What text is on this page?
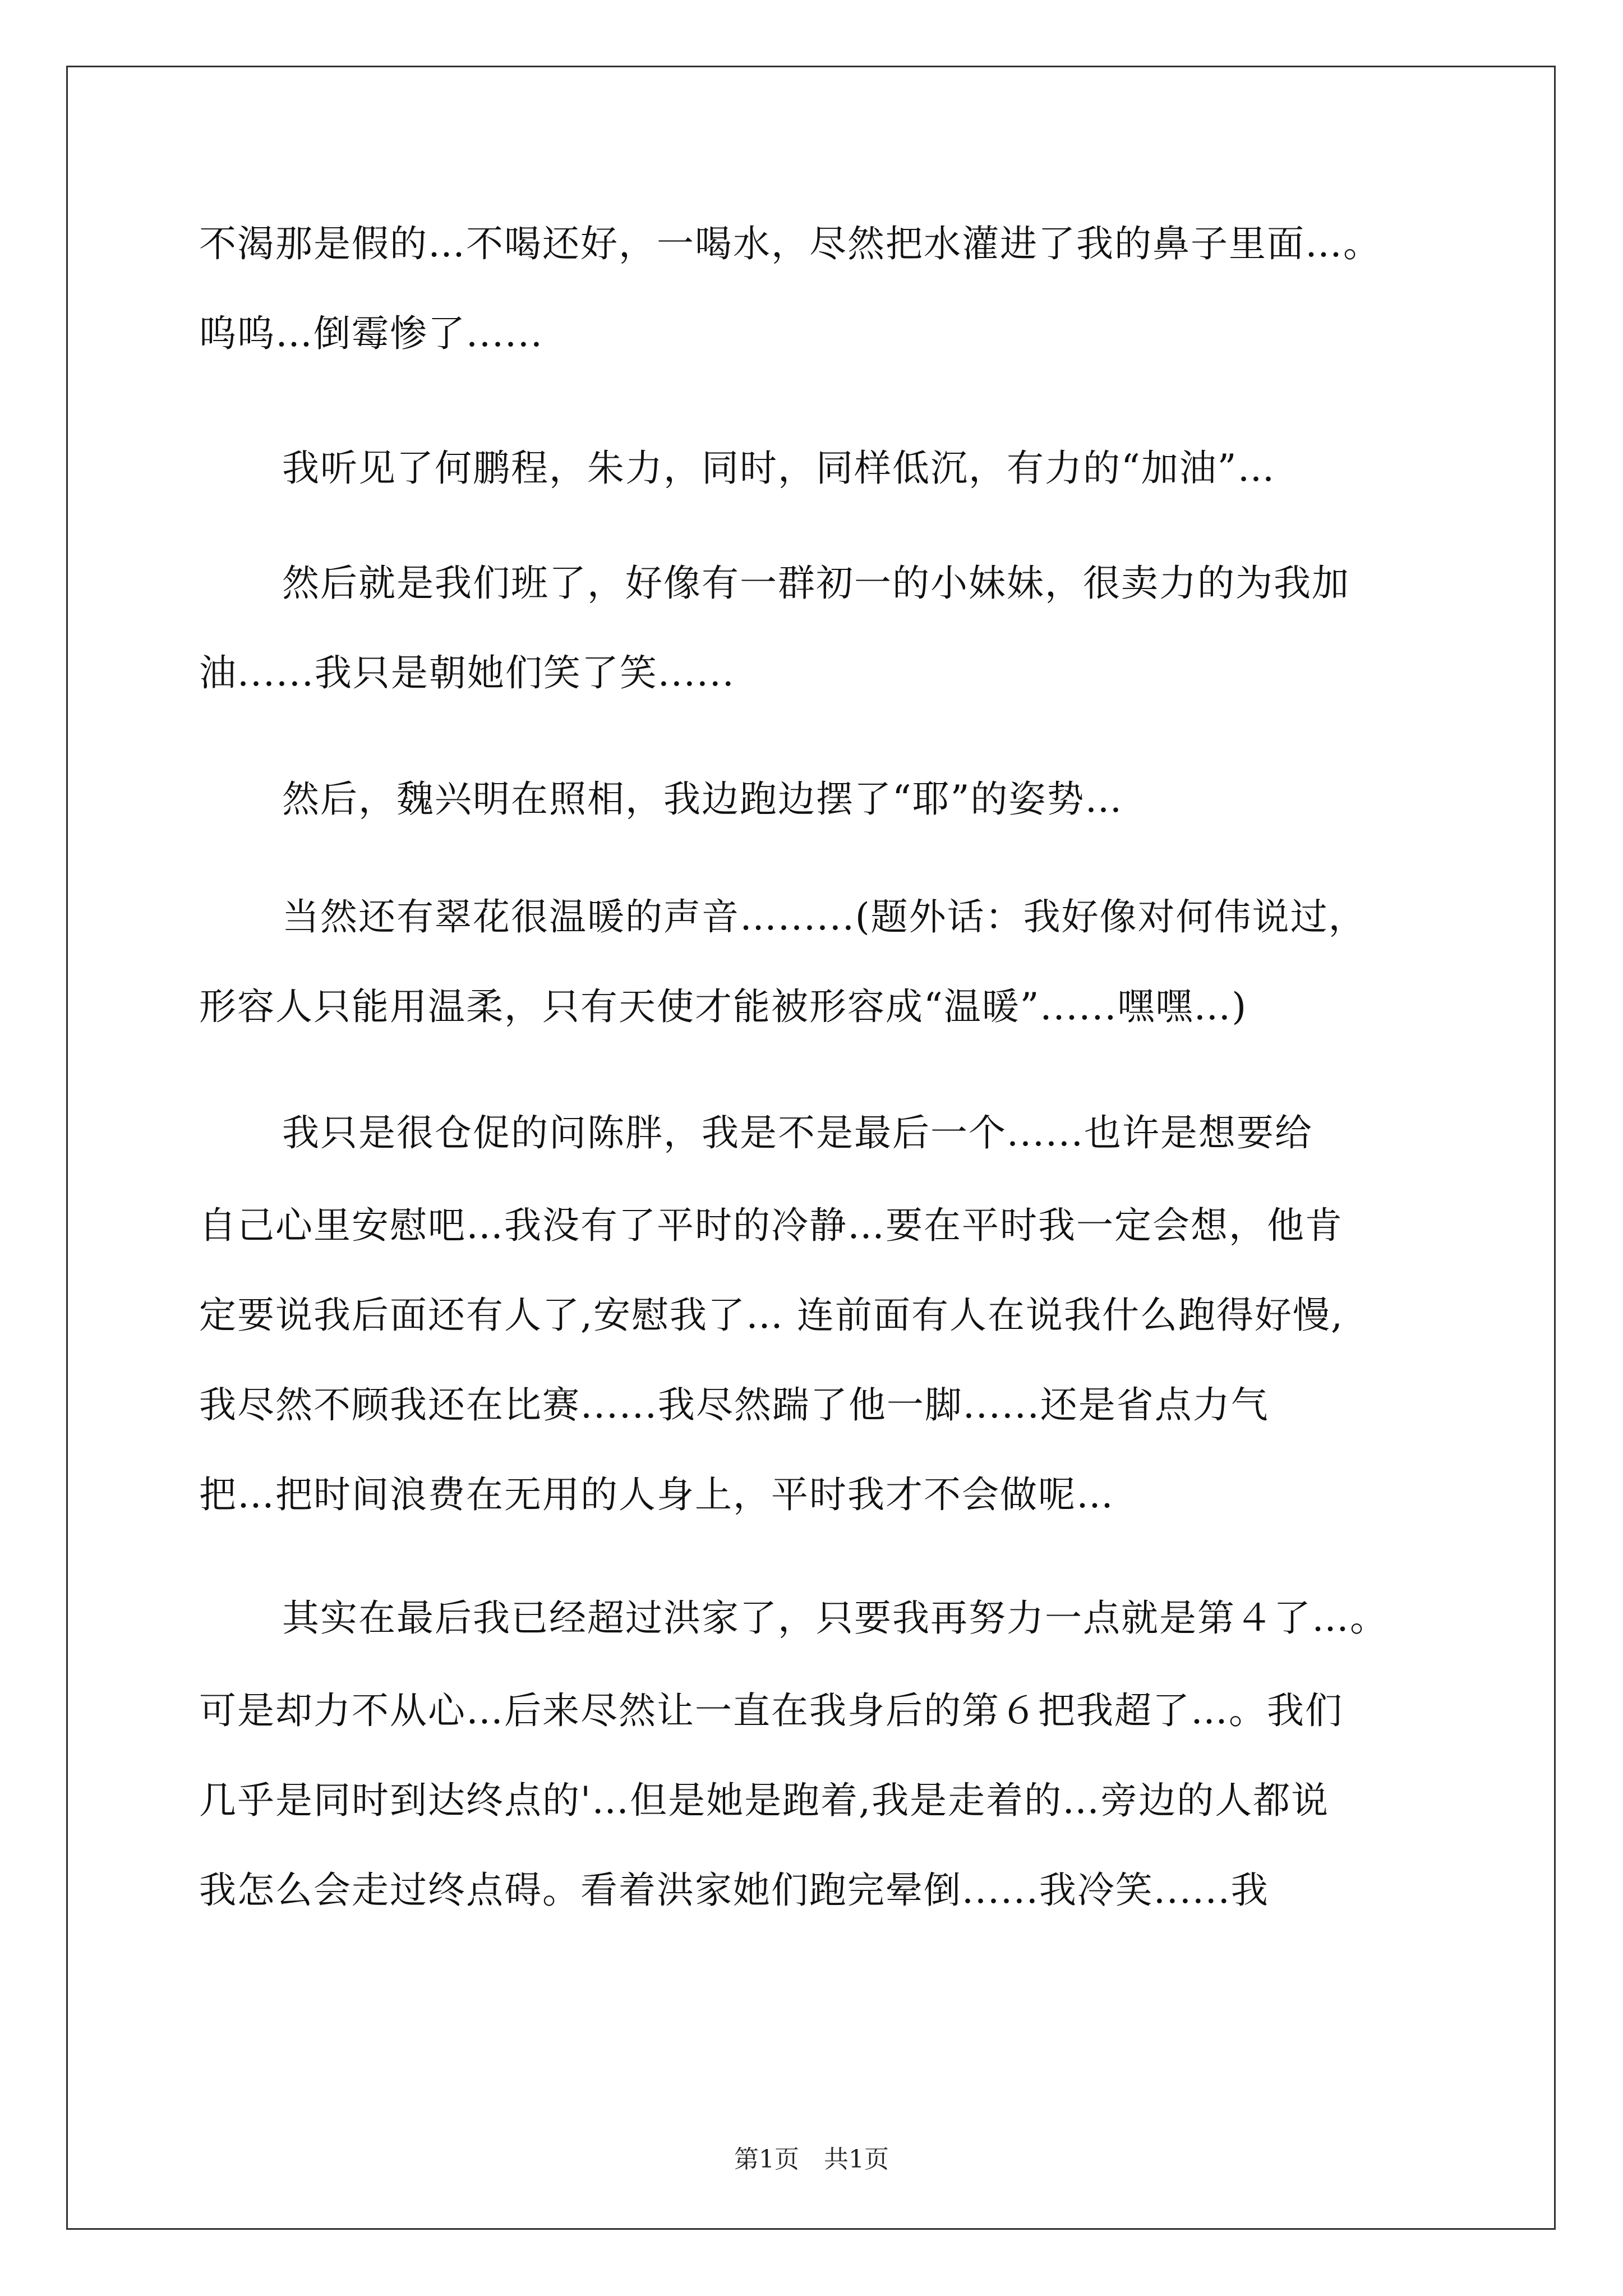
不渴那是假的…不喝还好，一喝水，尽然把水灌进了我的鼻子里面…。
呜呜…倒霉惨了......
我听见了何鹏程，朱力，同时，同样低沉，有力的“加油”…
然后就是我们班了，好像有一群初一的小妹妹，很卖力的为我加
油......我只是朝她们笑了笑......
然后，魏兴明在照相，我边跑边摆了“耶”的姿势…
当然还有翠花很温暖的声音…......(题外话：我好像对何伟说过，
形容人只能用温柔，只有天使才能被形容成“温暖”......嘿嘿…)
我只是很仓促的问陈胖，我是不是最后一个......也许是想要给
自己心里安慰吧…我没有了平时的冷静…要在平时我一定会想，他肯
定要说我后面还有人了,安慰我了… 连前面有人在说我什么跑得好慢,
我尽然不顾我还在比赛......我尽然踹了他一脚......还是省点力气
把…把时间浪费在无用的人身上，平时我才不会做呢…
其实在最后我已经超过洪家了，只要我再努力一点就是第４了…。
可是却力不从心…后来尽然让一直在我身后的第６把我超了…。我们
几乎是同时到达终点的'…但是她是跑着,我是走着的…旁边的人都说
我怎么会走过终点碍。看着洪家她们跑完晕倒......我冷笑......我
第1页 共1页
